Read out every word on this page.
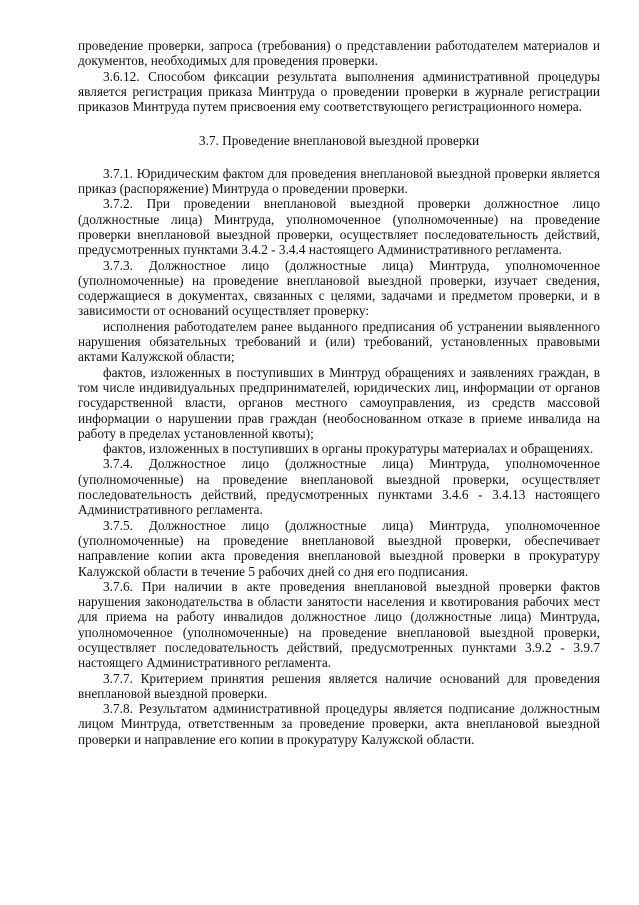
проведение проверки, запроса (требования) о представлении работодателем материалов и документов, необходимых для проведения проверки.

3.6.12. Способом фиксации результата выполнения административной процедуры является регистрация приказа Минтруда о проведении проверки в журнале регистрации приказов Минтруда путем присвоения ему соответствующего регистрационного номера.

3.7. Проведение внеплановой выездной проверки

3.7.1. Юридическим фактом для проведения внеплановой выездной проверки является приказ (распоряжение) Минтруда о проведении проверки.

3.7.2. При проведении внеплановой выездной проверки должностное лицо (должностные лица) Минтруда, уполномоченное (уполномоченные) на проведение проверки внеплановой выездной проверки, осуществляет последовательность действий, предусмотренных пунктами 3.4.2 - 3.4.4 настоящего Административного регламента.

3.7.3. Должностное лицо (должностные лица) Минтруда, уполномоченное (уполномоченные) на проведение внеплановой выездной проверки, изучает сведения, содержащиеся в документах, связанных с целями, задачами и предметом проверки, и в зависимости от оснований осуществляет проверку:

исполнения работодателем ранее выданного предписания об устранении выявленного нарушения обязательных требований и (или) требований, установленных правовыми актами Калужской области;

фактов, изложенных в поступивших в Минтруд обращениях и заявлениях граждан, в том числе индивидуальных предпринимателей, юридических лиц, информации от органов государственной власти, органов местного самоуправления, из средств массовой информации о нарушении прав граждан (необоснованном отказе в приеме инвалида на работу в пределах установленной квоты);

фактов, изложенных в поступивших в органы прокуратуры материалах и обращениях.

3.7.4. Должностное лицо (должностные лица) Минтруда, уполномоченное (уполномоченные) на проведение внеплановой выездной проверки, осуществляет последовательность действий, предусмотренных пунктами 3.4.6 - 3.4.13 настоящего Административного регламента.

3.7.5. Должностное лицо (должностные лица) Минтруда, уполномоченное (уполномоченные) на проведение внеплановой выездной проверки, обеспечивает направление копии акта проведения внеплановой выездной проверки в прокуратуру Калужской области в течение 5 рабочих дней со дня его подписания.

3.7.6. При наличии в акте проведения внеплановой выездной проверки фактов нарушения законодательства в области занятости населения и квотирования рабочих мест для приема на работу инвалидов должностное лицо (должностные лица) Минтруда, уполномоченное (уполномоченные) на проведение внеплановой выездной проверки, осуществляет последовательность действий, предусмотренных пунктами 3.9.2 - 3.9.7 настоящего Административного регламента.

3.7.7. Критерием принятия решения является наличие оснований для проведения внеплановой выездной проверки.

3.7.8. Результатом административной процедуры является подписание должностным лицом Минтруда, ответственным за проведение проверки, акта внеплановой выездной проверки и направление его копии в прокуратуру Калужской области.
